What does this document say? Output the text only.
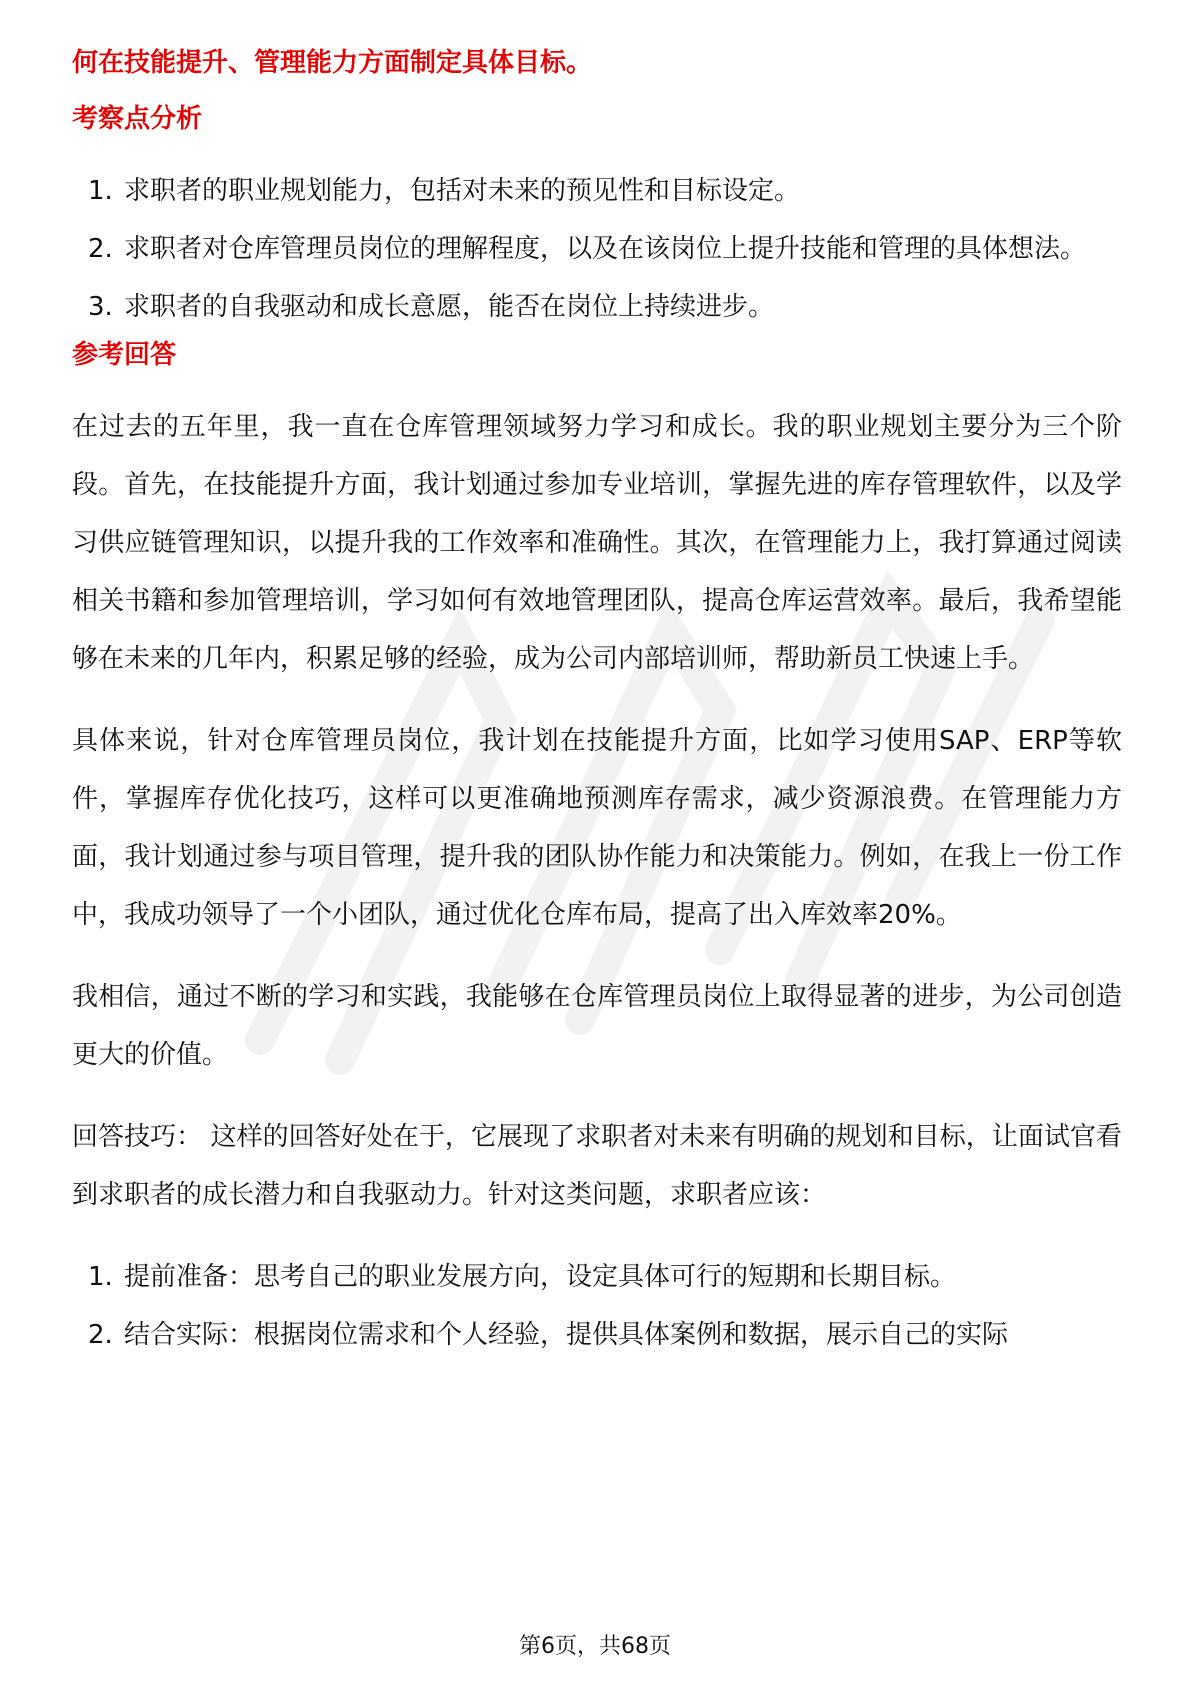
何在技能提升、管理能力方面制定具体目标。
考察点分析
1. 求职者的职业规划能力，包括对未来的预见性和目标设定。
2. 求职者对仓库管理员岗位的理解程度，以及在该岗位上提升技能和管理的具体想法。
3. 求职者的自我驱动和成长意愿，能否在岗位上持续进步。
参考回答

在过去的五年里，我一直在仓库管理领域努力学习和成长。我的职业规划主要分为三个阶段。首先，在技能提升方面，我计划通过参加专业培训，掌握先进的库存管理软件，以及学习供应链管理知识，以提升我的工作效率和准确性。其次，在管理能力上，我打算通过阅读相关书籍和参加管理培训，学习如何有效地管理团队，提高仓库运营效率。最后，我希望能够在未来的几年内，积累足够的经验，成为公司内部培训师，帮助新员工快速上手。

具体来说，针对仓库管理员岗位，我计划在技能提升方面，比如学习使用SAP、ERP等软件，掌握库存优化技巧，这样可以更准确地预测库存需求，减少资源浪费。在管理能力方面，我计划通过参与项目管理，提升我的团队协作能力和决策能力。例如，在我上一份工作中，我成功领导了一个小团队，通过优化仓库布局，提高了出入库效率20%。

我相信，通过不断的学习和实践，我能够在仓库管理员岗位上取得显著的进步，为公司创造更大的价值。

回答技巧： 这样的回答好处在于，它展现了求职者对未来有明确的规划和目标，让面试官看到求职者的成长潜力和自我驱动力。针对这类问题，求职者应该：

1. 提前准备：思考自己的职业发展方向，设定具体可行的短期和长期目标。
2. 结合实际：根据岗位需求和个人经验，提供具体案例和数据，展示自己的实际
第6页，共68页
